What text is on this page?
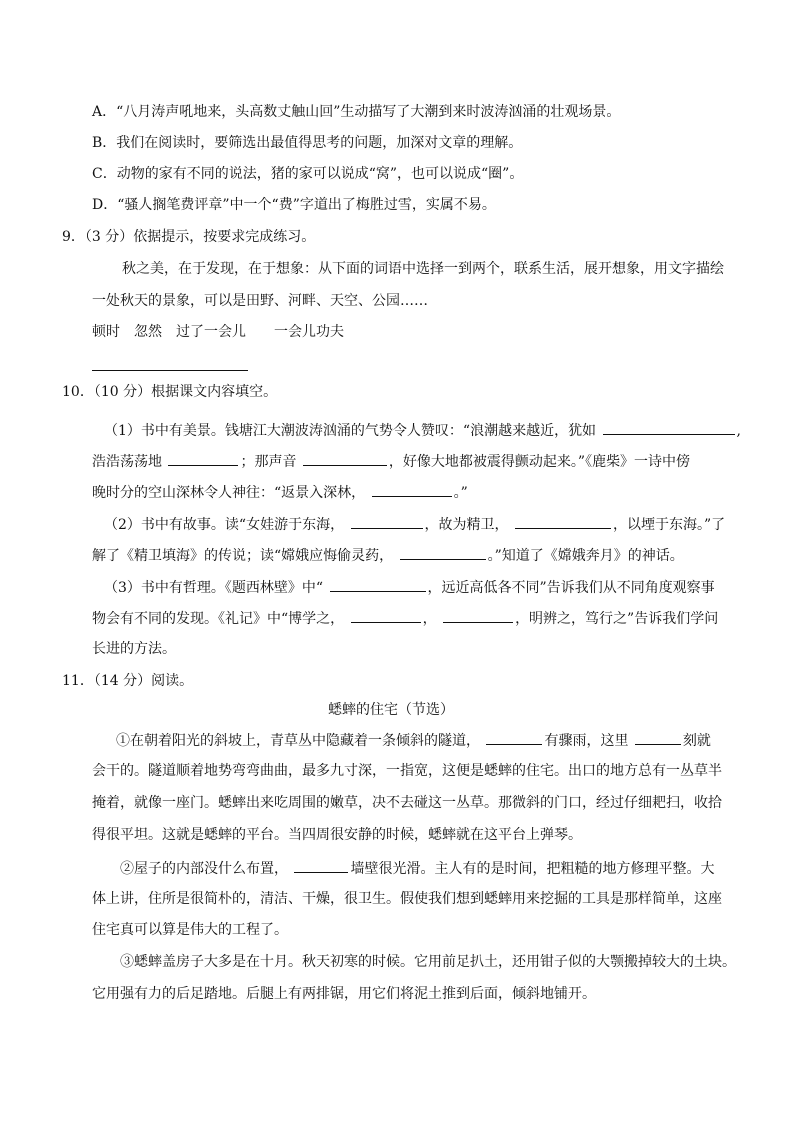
A．“八月涛声吼地来，头高数丈触山回”生动描写了大潮到来时波涛汹涌的壮观场景。
B．我们在阅读时，要筛选出最值得思考的问题，加深对文章的理解。
C．动物的家有不同的说法，猪的家可以说成“窝”，也可以说成“圈”。
D．“骚人搁笔费评章”中一个“费”字道出了梅胜过雪，实属不易。
9．（3 分）依据提示，按要求完成练习。
秋之美，在于发现，在于想象：从下面的词语中选择一到两个，联系生活，展开想象，用文字描绘
一处秋天的景象，可以是田野、河畔、天空、公园……
顿时　忽然　过了一会儿　　一会儿功夫
10．（10 分）根据课文内容填空。
（1）书中有美景。钱塘江大潮波涛汹涌的气势令人赞叹：“浪潮越来越近，犹如	,
浩浩荡荡地	；那声音	，好像大地都被震得颤动起来。”《鹿柴》一诗中傍
晚时分的空山深林令人神往：“返景入深林，	。”
（2）书中有故事。读“女娃游于东海，	，故为精卫，	，以堙于东海。”了
解了《精卫填海》的传说；读“嫦娥应悔偷灵药，	。”知道了《嫦娥奔月》的神话。
（3）书中有哲理。《题西林壁》中“	，远近高低各不同”告诉我们从不同角度观察事
物会有不同的发现。《礼记》中“博学之，	，	，明辨之，笃行之”告诉我们学问
长进的方法。
11．（14 分）阅读。
蟋蟀的住宅（节选）
①在朝着阳光的斜坡上，青草丛中隐藏着一条倾斜的隧道，	有骤雨，这里	刻就
会干的。隧道顺着地势弯弯曲曲，最多九寸深，一指宽，这便是蟋蟀的住宅。出口的地方总有一丛草半
掩着，就像一座门。蟋蟀出来吃周围的嫩草，决不去碰这一丛草。那微斜的门口，经过仔细耙扫，收拾
得很平坦。这就是蟋蟀的平台。当四周很安静的时候，蟋蟀就在这平台上弹琴。
②屋子的内部没什么布置，	墙壁很光滑。主人有的是时间，把粗糙的地方修理平整。大
体上讲，住所是很简朴的，清洁、干燥，很卫生。假使我们想到蟋蟀用来挖掘的工具是那样简单，这座
住宅真可以算是伟大的工程了。
③蟋蟀盖房子大多是在十月。秋天初寒的时候。它用前足扒土，还用钳子似的大颚搬掉较大的土块。
它用强有力的后足踏地。后腿上有两排锯，用它们将泥土推到后面，倾斜地铺开。
